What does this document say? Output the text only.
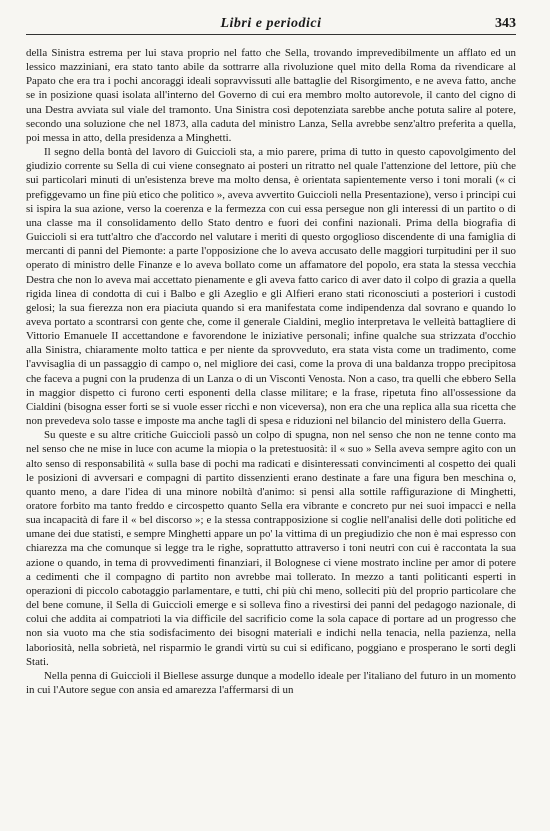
Libri e periodici	343

della Sinistra estrema per lui stava proprio nel fatto che Sella, trovando imprevedibilmente un afflato ed un lessico mazziniani, era stato tanto abile da sottrarre alla rivoluzione quel mito della Roma da rivendicare al Papato che era tra i pochi ancoraggi ideali sopravvissuti alle battaglie del Risorgimento, e ne aveva fatto, anche se in posizione quasi isolata all'interno del Governo di cui era membro molto autorevole, il canto del cigno di una Destra avviata sul viale del tramonto. Una Sinistra così depotenziata sarebbe anche potuta salire al potere, secondo una soluzione che nel 1873, alla caduta del ministro Lanza, Sella avrebbe senz'altro preferita a quella, poi messa in atto, della presidenza a Minghetti.

Il segno della bontà del lavoro di Guiccioli sta, a mio parere, prima di tutto in questo capovolgimento del giudizio corrente su Sella di cui viene consegnato ai posteri un ritratto nel quale l'attenzione del lettore, più che sui particolari minuti di un'esistenza breve ma molto densa, è orientata sapientemente verso i toni morali (« ci prefiggevamo un fine più etico che politico », aveva avvertito Guiccioli nella Presentazione), verso i principi cui si ispira la sua azione, verso la coerenza e la fermezza con cui essa persegue non gli interessi di un partito o di una classe ma il consolidamento dello Stato dentro e fuori dei confini nazionali. Prima della biografia di Guiccioli si era tutt'altro che d'accordo nel valutare i meriti di questo orgoglioso discendente di una famiglia di mercanti di panni del Piemonte: a parte l'opposizione che lo aveva accusato delle maggiori turpitudini per il suo operato di ministro delle Finanze e lo aveva bollato come un affamatore del popolo, era stata la stessa vecchia Destra che non lo aveva mai accettato pienamente e gli aveva fatto carico di aver dato il colpo di grazia a quella rigida linea di condotta di cui i Balbo e gli Azeglio e gli Alfieri erano stati riconosciuti a posteriori i custodi gelosi; la sua fierezza non era piaciuta quando si era manifestata come indipendenza dal sovrano e quando lo aveva portato a scontrarsi con gente che, come il generale Cialdini, meglio interpretava le velleità battagliere di Vittorio Emanuele II accettandone e favorendone le iniziative personali; infine qualche sua strizzata d'occhio alla Sinistra, chiaramente molto tattica e per niente da sprovveduto, era stata vista come un tradimento, come l'avvisaglia di un passaggio di campo o, nel migliore dei casi, come la prova di una baldanza troppo precipitosa che faceva a pugni con la prudenza di un Lanza o di un Visconti Venosta. Non a caso, tra quelli che ebbero Sella in maggior dispetto ci furono certi esponenti della classe militare; e la frase, ripetuta fino all'ossessione da Cialdini (bisogna esser forti se si vuole esser ricchi e non viceversa), non era che una replica alla sua ricetta che non prevedeva solo tasse e imposte ma anche tagli di spesa e riduzioni nel bilancio del ministero della Guerra.

Su queste e su altre critiche Guiccioli passò un colpo di spugna, non nel senso che non ne tenne conto ma nel senso che ne mise in luce con acume la miopia o la pretestuosità: il « suo » Sella aveva sempre agito con un alto senso di responsabilità « sulla base di pochi ma radicati e disinteressati convincimenti al cospetto dei quali le posizioni di avversari e compagni di partito dissenzienti erano destinate a fare una figura ben meschina o, quanto meno, a dare l'idea di una minore nobiltà d'animo: si pensi alla sottile raffigurazione di Minghetti, oratore forbito ma tanto freddo e circospetto quanto Sella era vibrante e concreto pur nei suoi impacci e nella sua incapacità di fare il « bel discorso »; e la stessa contrapposizione si coglie nell'analisi delle doti politiche ed umane dei due statisti, e sempre Minghetti appare un po' la vittima di un pregiudizio che non è mai espresso con chiarezza ma che comunque si legge tra le righe, soprattutto attraverso i toni neutri con cui è raccontata la sua azione o quando, in tema di provvedimenti finanziari, il Bolognese ci viene mostrato incline per amor di potere a cedimenti che il compagno di partito non avrebbe mai tollerato. In mezzo a tanti politicanti esperti in operazioni di piccolo cabotaggio parlamentare, e tutti, chi più chi meno, solleciti più del proprio particolare che del bene comune, il Sella di Guiccioli emerge e si solleva fino a rivestirsi dei panni del pedagogo nazionale, di colui che addita ai compatrioti la via difficile del sacrificio come la sola capace di portare ad un progresso che non sia vuoto ma che stia sodisfacimento dei bisogni materiali e indichi nella tenacia, nella pazienza, nella laboriosità, nella sobrietà, nel risparmio le grandi virtù su cui si edificano, poggiano e prosperano le sorti degli Stati.

Nella penna di Guiccioli il Biellese assurge dunque a modello ideale per l'italiano del futuro in un momento in cui l'Autore segue con ansia ed amarezza l'affermarsi di un
